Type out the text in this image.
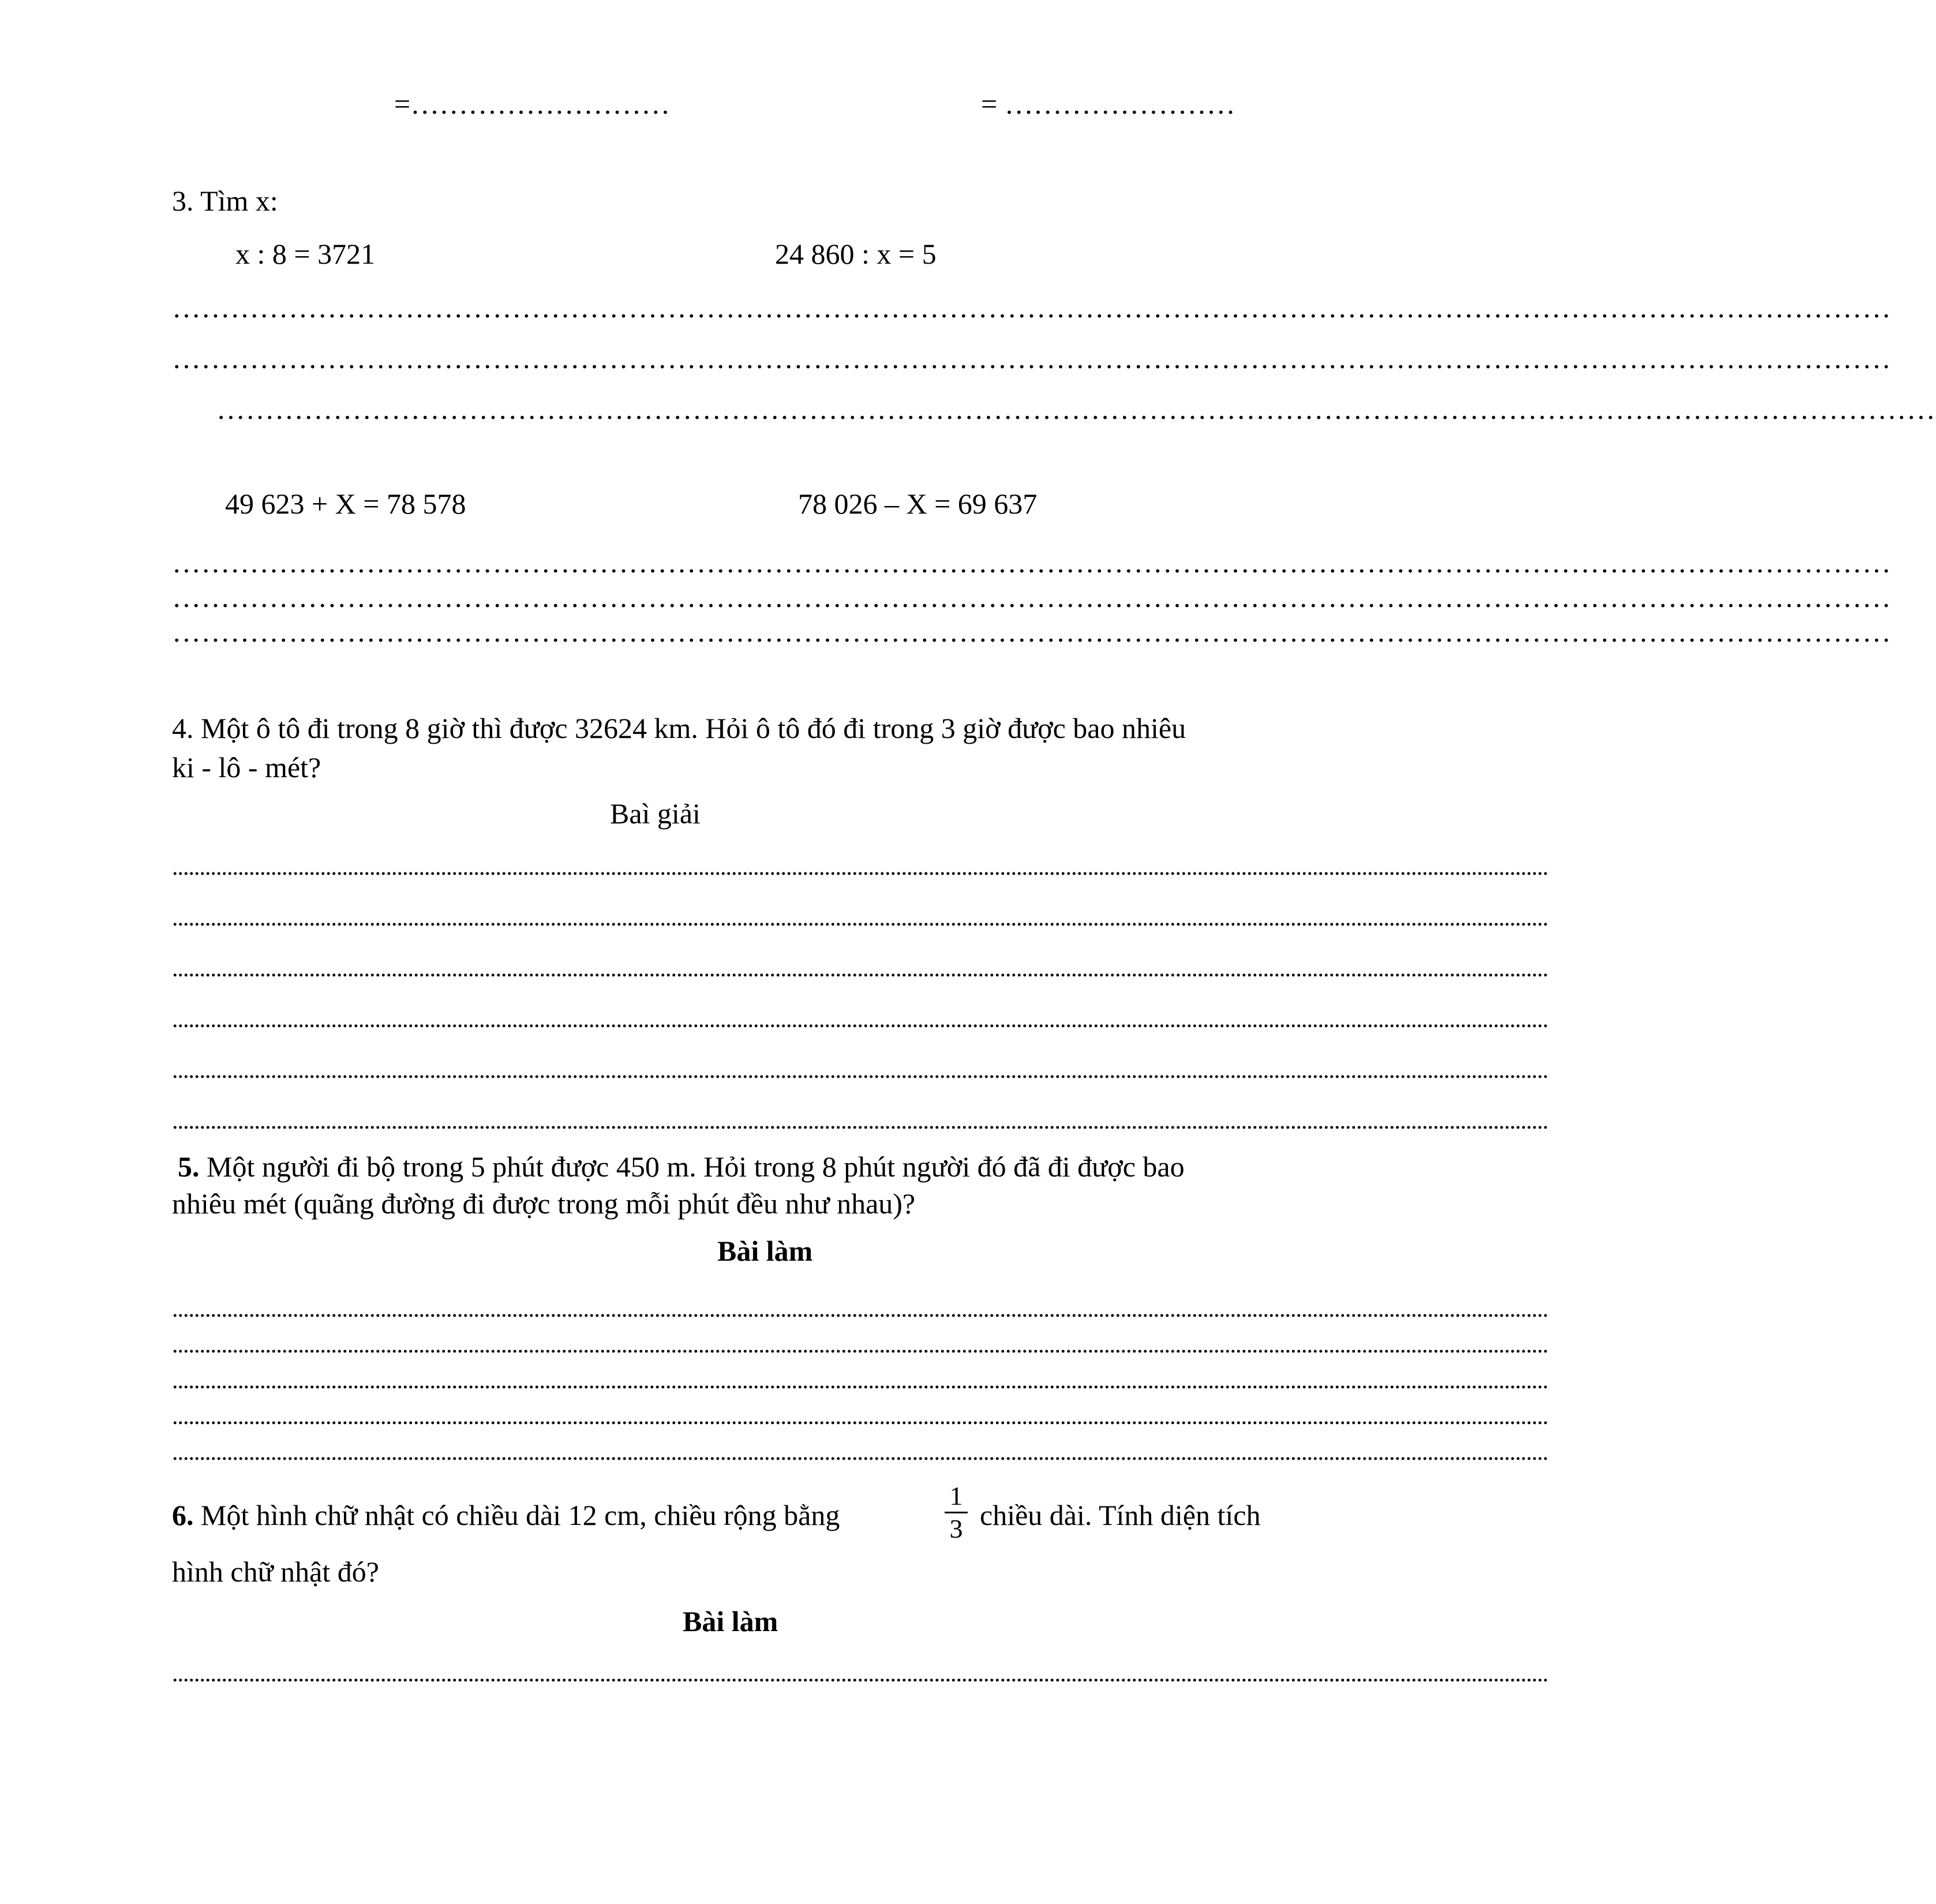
=………………………	= ……………………
3. Tìm x:
x : 8 = 3721	24 860 : x = 5
……………………………………………………………………………………………………………………………………………………………
……………………………………………………………………………………………………………………………………………………………
……………………………………………………………………………………………………………………………………………………………
49 623 + X = 78 578	78 026 – X = 69 637
……………………………………………………………………………………………………………………………………………………………
……………………………………………………………………………………………………………………………………………………………
……………………………………………………………………………………………………………………………………………………………
4. Một ô tô đi trong 8 giờ thì được 32624 km. Hỏi ô tô đó đi trong 3 giờ được bao nhiêu
ki - lô - mét?
Baì giải
...........................................................................................................................................................................................................................................................
...........................................................................................................................................................................................................................................................
...........................................................................................................................................................................................................................................................
...........................................................................................................................................................................................................................................................
...........................................................................................................................................................................................................................................................
...........................................................................................................................................................................................................................................................
5. Một người đi bộ trong 5 phút được 450 m. Hỏi trong 8 phút người đó đã đi được bao
nhiêu mét (quãng đường đi được trong mỗi phút đều như nhau)?
Bài làm
...........................................................................................................................................................................................................................................................
...........................................................................................................................................................................................................................................................
...........................................................................................................................................................................................................................................................
...........................................................................................................................................................................................................................................................
...........................................................................................................................................................................................................................................................
6. Một hình chữ nhật có chiều dài 12 cm, chiều rộng bằng
1
3 chiều dài. Tính diện tích
hình chữ nhật đó?
Bài làm
...........................................................................................................................................................................................................................................................
